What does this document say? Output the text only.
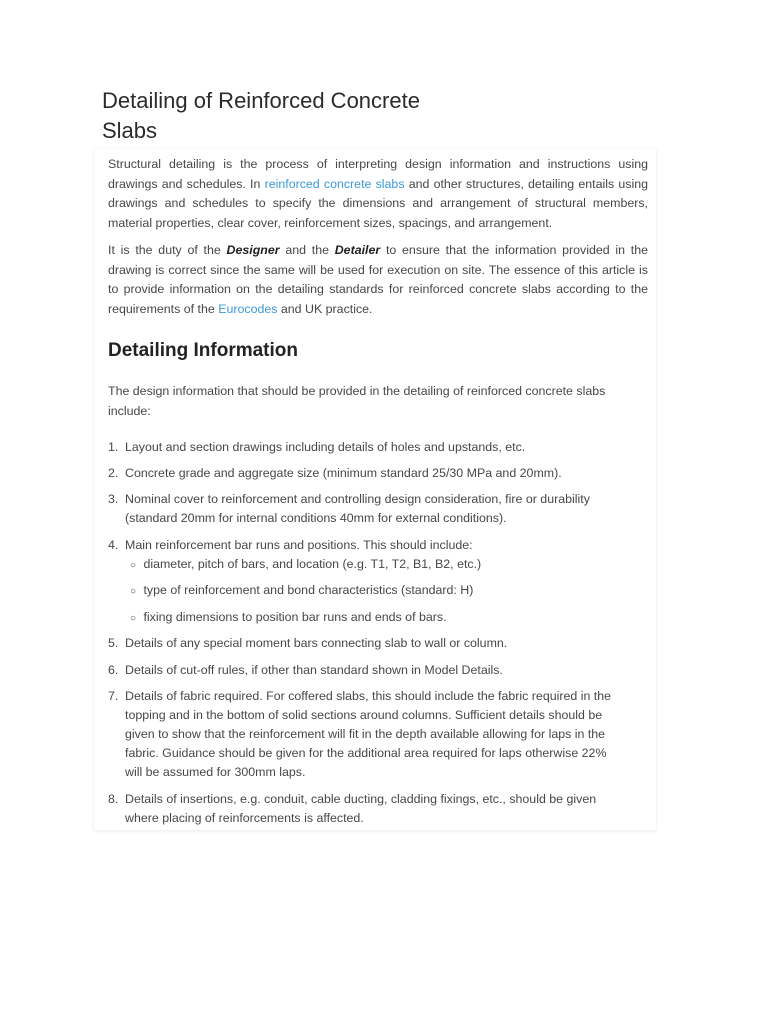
Detailing of Reinforced Concrete
Slabs

Structural detailing is the process of interpreting design information and instructions using drawings and schedules. In reinforced concrete slabs and other structures, detailing entails using drawings and schedules to specify the dimensions and arrangement of structural members, material properties, clear cover, reinforcement sizes, spacings, and arrangement.

It is the duty of the Designer and the Detailer to ensure that the information provided in the drawing is correct since the same will be used for execution on site. The essence of this article is to provide information on the detailing standards for reinforced concrete slabs according to the requirements of the Eurocodes and UK practice.

Detailing Information

The design information that should be provided in the detailing of reinforced concrete slabs include:

1. Layout and section drawings including details of holes and upstands, etc.
2. Concrete grade and aggregate size (minimum standard 25/30 MPa and 20mm).
3. Nominal cover to reinforcement and controlling design consideration, fire or durability
(standard 20mm for internal conditions 40mm for external conditions).
4. Main reinforcement bar runs and positions. This should include:
○ diameter, pitch of bars, and location (e.g. T1, T2, B1, B2, etc.)
○ type of reinforcement and bond characteristics (standard: H)
○ fixing dimensions to position bar runs and ends of bars.
5. Details of any special moment bars connecting slab to wall or column.
6. Details of cut-off rules, if other than standard shown in Model Details.
7. Details of fabric required. For coffered slabs, this should include the fabric required in the
topping and in the bottom of solid sections around columns. Sufficient details should be
given to show that the reinforcement will fit in the depth available allowing for laps in the
fabric. Guidance should be given for the additional area required for laps otherwise 22%
will be assumed for 300mm laps.
8. Details of insertions, e.g. conduit, cable ducting, cladding fixings, etc., should be given
where placing of reinforcements is affected.
